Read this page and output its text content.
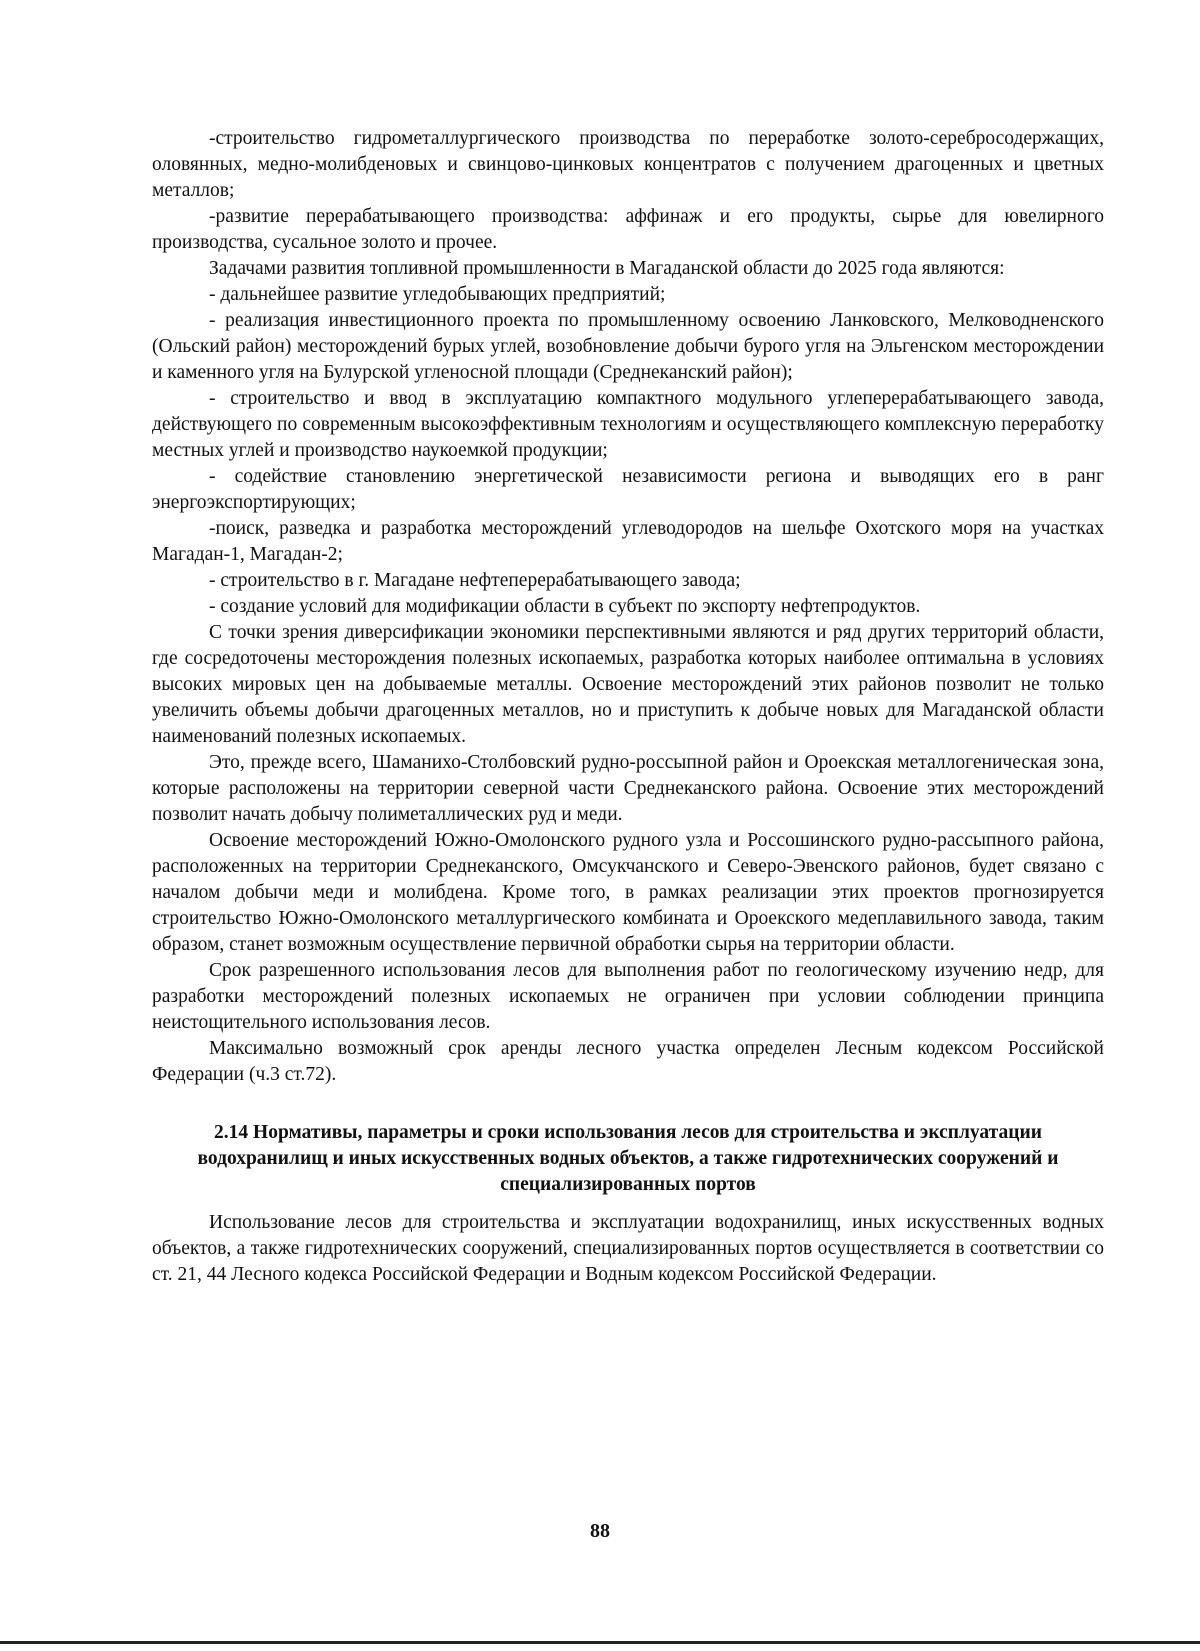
-строительство гидрометаллургического производства по переработке золото-серебросодержащих, оловянных, медно-молибденовых и свинцово-цинковых концентратов с получением драгоценных и цветных металлов;

-развитие перерабатывающего производства: аффинаж и его продукты, сырье для ювелирного производства, сусальное золото и прочее.

Задачами развития топливной промышленности в Магаданской области до 2025 года являются:

- дальнейшее развитие угледобывающих предприятий;

- реализация инвестиционного проекта по промышленному освоению Ланковского, Мелководненского (Ольский район) месторождений бурых углей, возобновление добычи бурого угля на Эльгенском месторождении и каменного угля на Булурской угленосной площади (Среднеканский район);

- строительство и ввод в эксплуатацию компактного модульного углеперерабатывающего завода, действующего по современным высокоэффективным технологиям и осуществляющего комплексную переработку местных углей и производство наукоемкой продукции;

- содействие становлению энергетической независимости региона и выводящих его в ранг энергоэкспортирующих;

-поиск, разведка и разработка месторождений углеводородов на шельфе Охотского моря на участках Магадан-1, Магадан-2;

- строительство в г. Магадане нефтеперерабатывающего завода;

- создание условий для модификации области в субъект по экспорту нефтепродуктов.

С точки зрения диверсификации экономики перспективными являются и ряд других территорий области, где сосредоточены месторождения полезных ископаемых, разработка которых наиболее оптимальна в условиях высоких мировых цен на добываемые металлы. Освоение месторождений этих районов позволит не только увеличить объемы добычи драгоценных металлов, но и приступить к добыче новых для Магаданской области наименований полезных ископаемых.

Это, прежде всего, Шаманихо-Столбовский рудно-россыпной район и Ороекская металлогеническая зона, которые расположены на территории северной части Среднеканского района. Освоение этих месторождений позволит начать добычу полиметаллических руд и меди.

Освоение месторождений Южно-Омолонского рудного узла и Россошинского рудно-рассыпного района, расположенных на территории Среднеканского, Омсукчанского и Северо-Эвенского районов, будет связано с началом добычи меди и молибдена. Кроме того, в рамках реализации этих проектов прогнозируется строительство Южно-Омолонского металлургического комбината и Ороекского медеплавильного завода, таким образом, станет возможным осуществление первичной обработки сырья на территории области.

Срок разрешенного использования лесов для выполнения работ по геологическому изучению недр, для разработки месторождений полезных ископаемых не ограничен при условии соблюдении принципа неистощительного использования лесов.

Максимально возможный срок аренды лесного участка определен Лесным кодексом Российской Федерации (ч.3 ст.72).

2.14 Нормативы, параметры и сроки использования лесов для строительства и эксплуатации водохранилищ и иных искусственных водных объектов, а также гидротехнических сооружений и специализированных портов

Использование лесов для строительства и эксплуатации водохранилищ, иных искусственных водных объектов, а также гидротехнических сооружений, специализированных портов осуществляется в соответствии со ст. 21, 44 Лесного кодекса Российской Федерации и Водным кодексом Российской Федерации.

88
